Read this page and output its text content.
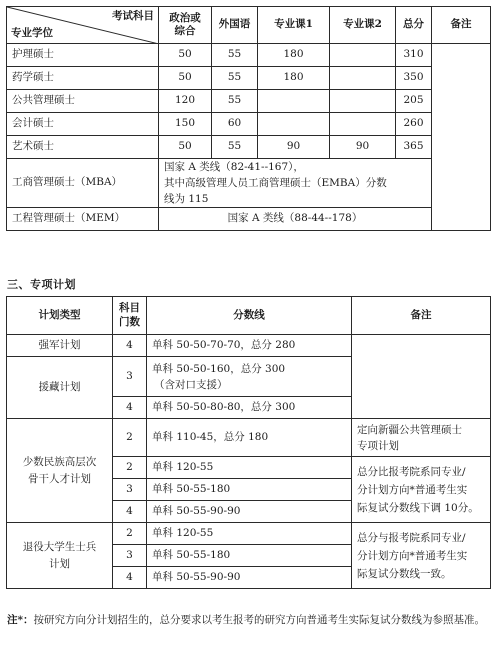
考试科目
专业学位	政治或
综合	外国语	专业课1	专业课2	总分	备注
护理硕士	50	55	180		310	
药学硕士	50	55	180		350	
公共管理硕士	120	55			205	
会计硕士	150	60			260	
艺术硕士	50	55	90	90	365	
工商管理硕士（MBA）	国家 A 类线（82-41--167），
其中高级管理人员工商管理硕士（EMBA）分数
线为 115					
工程管理硕士（MEM）	国家 A 类线（88-44--178）					
三、专项计划
计划类型	科目
门数	分数线	备注
强军计划	4	单科 50-50-70-70，总分 280	
援藏计划	3	单科 50-50-160，总分 300
（含对口支援）	
	4	单科 50-50-80-80，总分 300	
少数民族高层次
骨干人才计划	2	单科 110-45，总分 180	定向新疆公共管理硕士
专项计划
	2	单科 120-55	总分比报考院系同专业/
分计划方向*普通考生实
际复试分数线下调 10分。
	3	单科 50-55-180	
	4	单科 50-55-90-90	
退役大学生士兵
计划	2	单科 120-55	总分与报考院系同专业/
分计划方向*普通考生实
际复试分数线一致。
	3	单科 50-55-180	
	4	单科 50-55-90-90	
注*：按研究方向分计划招生的，总分要求以考生报考的研究方向普通考生实际复试分数线为参照基准。
